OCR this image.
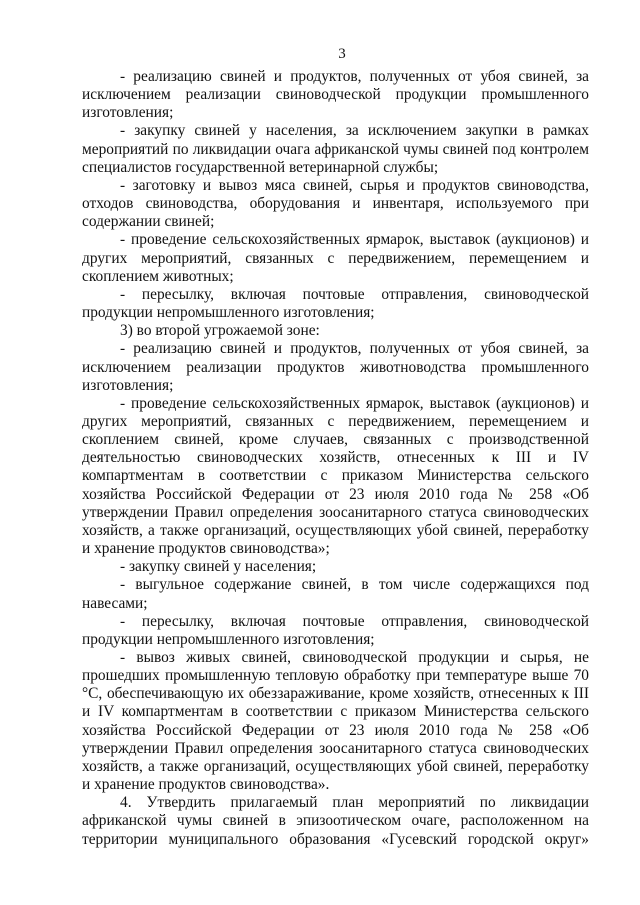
3

- реализацию свиней и продуктов, полученных от убоя свиней, за исключением реализации свиноводческой продукции промышленного изготовления;

- закупку свиней у населения, за исключением закупки в рамках мероприятий по ликвидации очага африканской чумы свиней под контролем специалистов государственной ветеринарной службы;

- заготовку и вывоз мяса свиней, сырья и продуктов свиноводства, отходов свиноводства, оборудования и инвентаря, используемого при содержании свиней;

- проведение сельскохозяйственных ярмарок, выставок (аукционов) и других мероприятий, связанных с передвижением, перемещением и скоплением животных;

- пересылку, включая почтовые отправления, свиноводческой продукции непромышленного изготовления;

3) во второй угрожаемой зоне:

- реализацию свиней и продуктов, полученных от убоя свиней, за исключением реализации продуктов животноводства промышленного изготовления;

- проведение сельскохозяйственных ярмарок, выставок (аукционов) и других мероприятий, связанных с передвижением, перемещением и скоплением свиней, кроме случаев, связанных с производственной деятельностью свиноводческих хозяйств, отнесенных к III и IV компартментам в соответствии с приказом Министерства сельского хозяйства Российской Федерации от 23 июля 2010 года № 258 «Об утверждении Правил определения зоосанитарного статуса свиноводческих хозяйств, а также организаций, осуществляющих убой свиней, переработку и хранение продуктов свиноводства»;

- закупку свиней у населения;

- выгульное содержание свиней, в том числе содержащихся под навесами;

- пересылку, включая почтовые отправления, свиноводческой продукции непромышленного изготовления;

- вывоз живых свиней, свиноводческой продукции и сырья, не прошедших промышленную тепловую обработку при температуре выше 70 °С, обеспечивающую их обеззараживание, кроме хозяйств, отнесенных к III и IV компартментам в соответствии с приказом Министерства сельского хозяйства Российской Федерации от 23 июля 2010 года № 258 «Об утверждении Правил определения зоосанитарного статуса свиноводческих хозяйств, а также организаций, осуществляющих убой свиней, переработку и хранение продуктов свиноводства».

4. Утвердить прилагаемый план мероприятий по ликвидации африканской чумы свиней в эпизоотическом очаге, расположенном на территории муниципального образования «Гусевский городской округ»
